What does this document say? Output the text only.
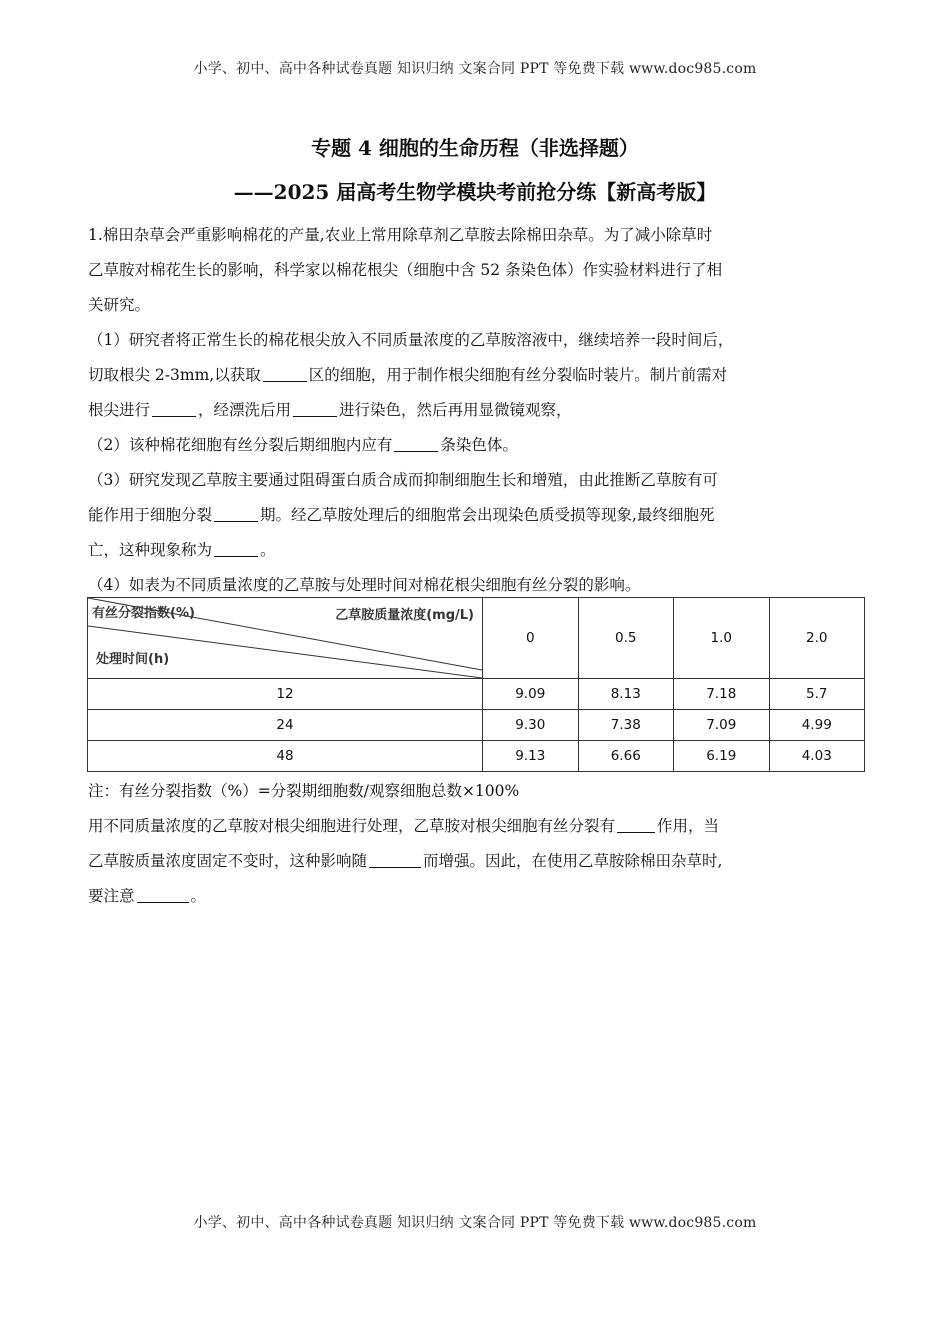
小学、初中、高中各种试卷真题 知识归纳 文案合同 PPT 等免费下载 www.doc985.com
专题 4 细胞的生命历程（非选择题）
——2025 届高考生物学模块考前抢分练【新高考版】
1.棉田杂草会严重影响棉花的产量,农业上常用除草剂乙草胺去除棉田杂草。为了减小除草时
乙草胺对棉花生长的影响，科学家以棉花根尖（细胞中含 52 条染色体）作实验材料进行了相
关研究。
（1）研究者将正常生长的棉花根尖放入不同质量浓度的乙草胺溶液中，继续培养一段时间后，
切取根尖 2-3mm,以获取	区的细胞，用于制作根尖细胞有丝分裂临时装片。制片前需对
根尖进行	，经漂洗后用	进行染色，然后再用显微镜观察，
（2）该种棉花细胞有丝分裂后期细胞内应有	条染色体。
（3）研究发现乙草胺主要通过阻碍蛋白质合成而抑制细胞生长和增殖，由此推断乙草胺有可
能作用于细胞分裂	期。经乙草胺处理后的细胞常会出现染色质受损等现象,最终细胞死
亡，这种现象称为	。
（4）如表为不同质量浓度的乙草胺与处理时间对棉花根尖细胞有丝分裂的影响。
有丝分裂指数(%) 乙草胺质量浓度(mg/L)
处理时间(h)	0	0.5	1.0	2.0
12	9.09	8.13	7.18	5.7
24	9.30	7.38	7.09	4.99
48	9.13	6.66	6.19	4.03
注：有丝分裂指数（%）=分裂期细胞数/观察细胞总数×100%
用不同质量浓度的乙草胺对根尖细胞进行处理，乙草胺对根尖细胞有丝分裂有	作用，当
乙草胺质量浓度固定不变时，这种影响随	而增强。因此，在使用乙草胺除棉田杂草时,
要注意	。
小学、初中、高中各种试卷真题 知识归纳 文案合同 PPT 等免费下载 www.doc985.com
